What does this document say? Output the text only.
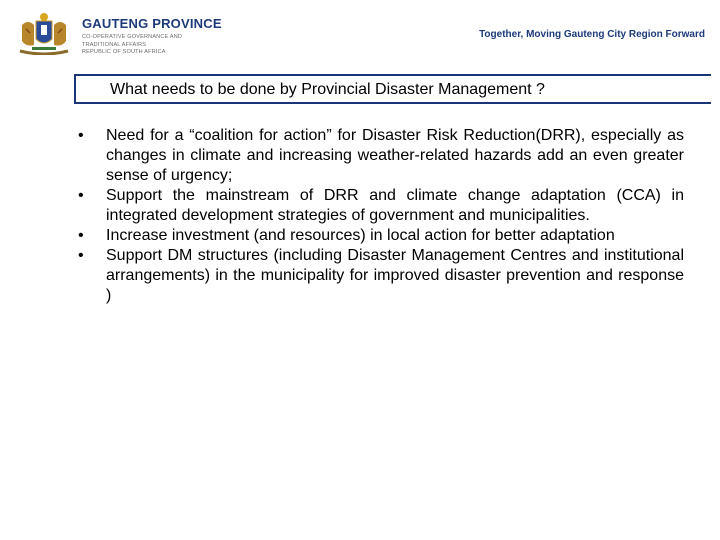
GAUTENG PROVINCE
CO-OPERATIVE GOVERNANCE AND
TRADITIONAL AFFAIRS
REPUBLIC OF SOUTH AFRICA
Together, Moving Gauteng City Region Forward
What needs to be done by Provincial Disaster Management ?
• Need for a “coalition for action” for Disaster Risk Reduction(DRR), especially as changes in climate and increasing weather-related hazards add an even greater sense of urgency;
• Support the mainstream of DRR and climate change adaptation (CCA) in integrated development strategies of government and municipalities.
• Increase investment (and resources) in local action for better adaptation
• Support DM structures (including Disaster Management Centres and institutional arrangements) in the municipality for improved disaster prevention and response )
